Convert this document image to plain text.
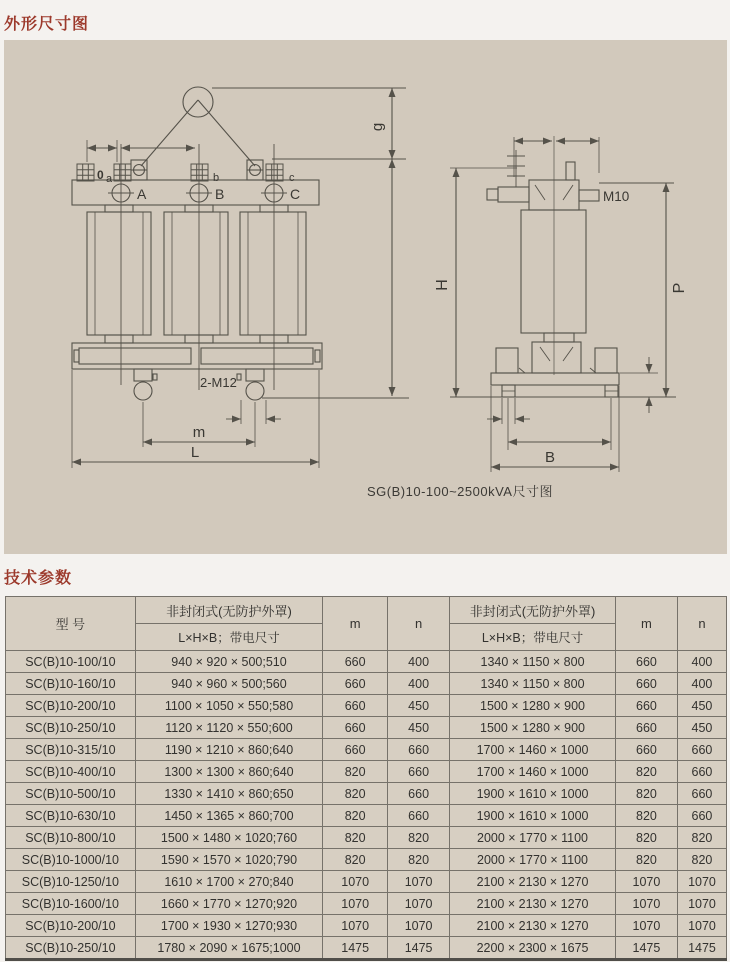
外形尺寸图
0 a	b	c
A	B	C
g
2-M12
m
L
M10
H	P
B
SG(B)10-100~2500kVA尺寸图
技术参数
型 号	非封闭式(无防护外罩)	m	n	非封闭式(无防护外罩)	m	n
	L×H×B；带电尺寸			L×H×B；带电尺寸		
SC(B)10-100/10	940 × 920 × 500;510	660	400	1340 × 1150 × 800	660	400
SC(B)10-160/10	940 × 960 × 500;560	660	400	1340 × 1150 × 800	660	400
SC(B)10-200/10	1100 × 1050 × 550;580	660	450	1500 × 1280 × 900	660	450
SC(B)10-250/10	1120 × 1120 × 550;600	660	450	1500 × 1280 × 900	660	450
SC(B)10-315/10	1190 × 1210 × 860;640	660	660	1700 × 1460 × 1000	660	660
SC(B)10-400/10	1300 × 1300 × 860;640	820	660	1700 × 1460 × 1000	820	660
SC(B)10-500/10	1330 × 1410 × 860;650	820	660	1900 × 1610 × 1000	820	660
SC(B)10-630/10	1450 × 1365 × 860;700	820	660	1900 × 1610 × 1000	820	660
SC(B)10-800/10	1500 × 1480 × 1020;760	820	820	2000 × 1770 × 1100	820	820
SC(B)10-1000/10	1590 × 1570 × 1020;790	820	820	2000 × 1770 × 1100	820	820
SC(B)10-1250/10	1610 × 1700 × 270;840	1070	1070	2100 × 2130 × 1270	1070	1070
SC(B)10-1600/10	1660 × 1770 × 1270;920	1070	1070	2100 × 2130 × 1270	1070	1070
SC(B)10-200/10	1700 × 1930 × 1270;930	1070	1070	2100 × 2130 × 1270	1070	1070
SC(B)10-250/10	1780 × 2090 × 1675;1000	1475	1475	2200 × 2300 × 1675	1475	1475
